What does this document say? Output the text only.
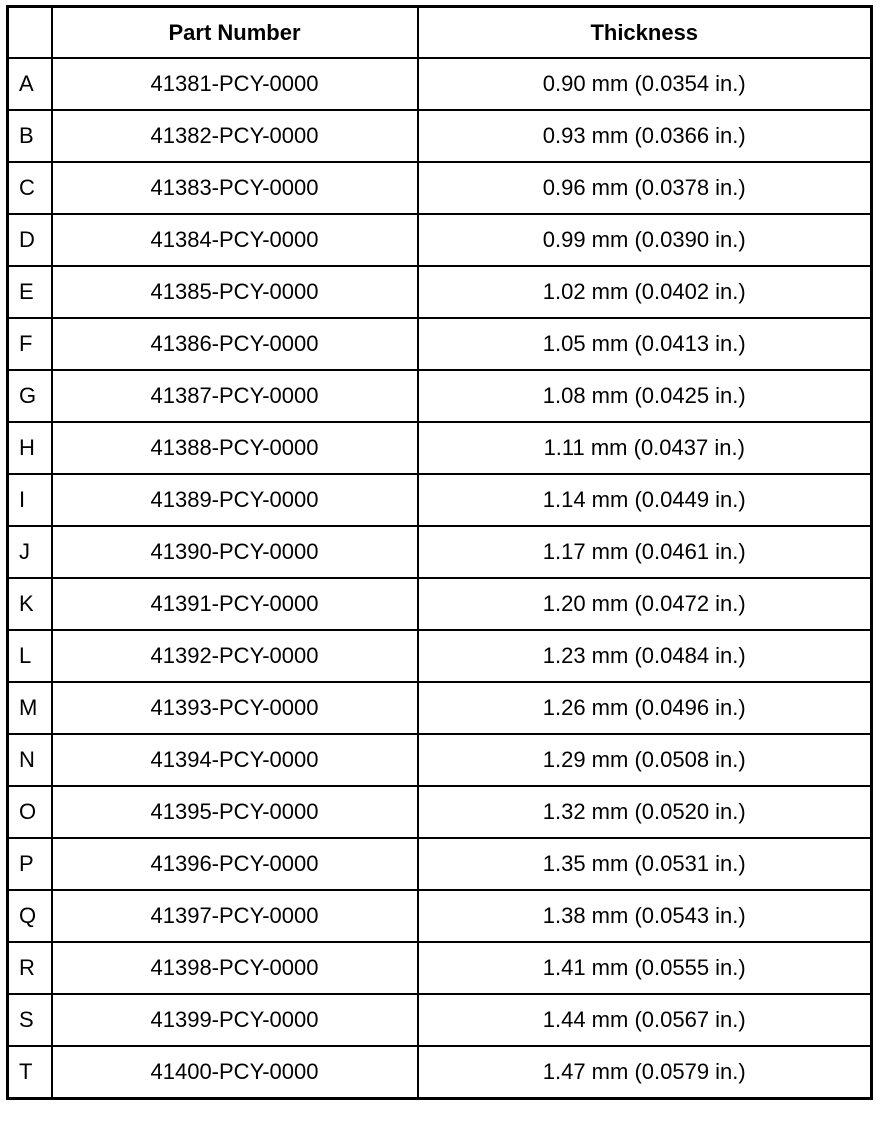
	Part Number	Thickness
A	41381-PCY-0000	0.90 mm (0.0354 in.)
B	41382-PCY-0000	0.93 mm (0.0366 in.)
C	41383-PCY-0000	0.96 mm (0.0378 in.)
D	41384-PCY-0000	0.99 mm (0.0390 in.)
E	41385-PCY-0000	1.02 mm (0.0402 in.)
F	41386-PCY-0000	1.05 mm (0.0413 in.)
G	41387-PCY-0000	1.08 mm (0.0425 in.)
H	41388-PCY-0000	1.11 mm (0.0437 in.)
I	41389-PCY-0000	1.14 mm (0.0449 in.)
J	41390-PCY-0000	1.17 mm (0.0461 in.)
K	41391-PCY-0000	1.20 mm (0.0472 in.)
L	41392-PCY-0000	1.23 mm (0.0484 in.)
M	41393-PCY-0000	1.26 mm (0.0496 in.)
N	41394-PCY-0000	1.29 mm (0.0508 in.)
O	41395-PCY-0000	1.32 mm (0.0520 in.)
P	41396-PCY-0000	1.35 mm (0.0531 in.)
Q	41397-PCY-0000	1.38 mm (0.0543 in.)
R	41398-PCY-0000	1.41 mm (0.0555 in.)
S	41399-PCY-0000	1.44 mm (0.0567 in.)
T	41400-PCY-0000	1.47 mm (0.0579 in.)
